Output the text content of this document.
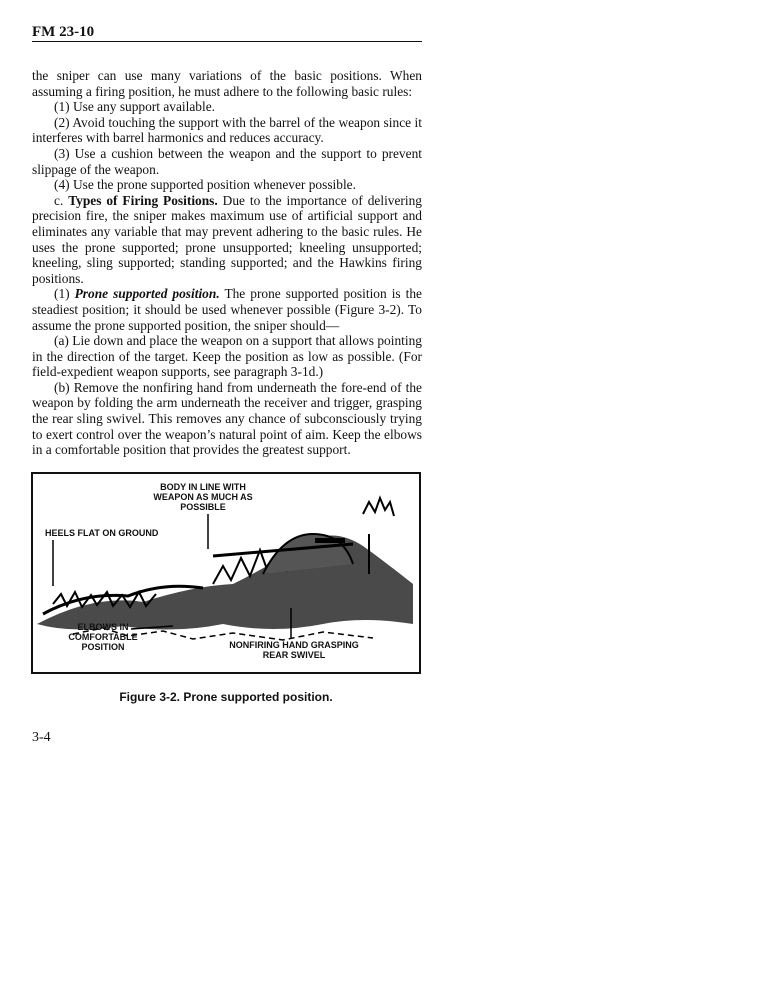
FM 23-10

the sniper can use many variations of the basic positions. When assuming a firing position, he must adhere to the following basic rules:

(1) Use any support available.

(2) Avoid touching the support with the barrel of the weapon since it interferes with barrel harmonics and reduces accuracy.

(3) Use a cushion between the weapon and the support to prevent slippage of the weapon.

(4) Use the prone supported position whenever possible.

c. Types of Firing Positions. Due to the importance of delivering precision fire, the sniper makes maximum use of artificial support and eliminates any variable that may prevent adhering to the basic rules. He uses the prone supported; prone unsupported; kneeling unsupported; kneeling, sling supported; standing supported; and the Hawkins firing positions.

(1) Prone supported position. The prone supported position is the steadiest position; it should be used whenever possible (Figure 3-2). To assume the prone supported position, the sniper should—

(a) Lie down and place the weapon on a support that allows pointing in the direction of the target. Keep the position as low as possible. (For field-expedient weapon supports, see paragraph 3-1d.)

(b) Remove the nonfiring hand from underneath the fore-end of the weapon by folding the arm underneath the receiver and trigger, grasping the rear sling swivel. This removes any chance of subconsciously trying to exert control over the weapon’s natural point of aim. Keep the elbows in a comfortable position that provides the greatest support.

BODY IN LINE WITH WEAPON AS MUCH AS POSSIBLE
HEELS FLAT ON GROUND
ELBOWS IN COMFORTABLE POSITION	NONFIRING HAND GRASPING REAR SWIVEL
Figure 3-2. Prone supported position.
3-4
